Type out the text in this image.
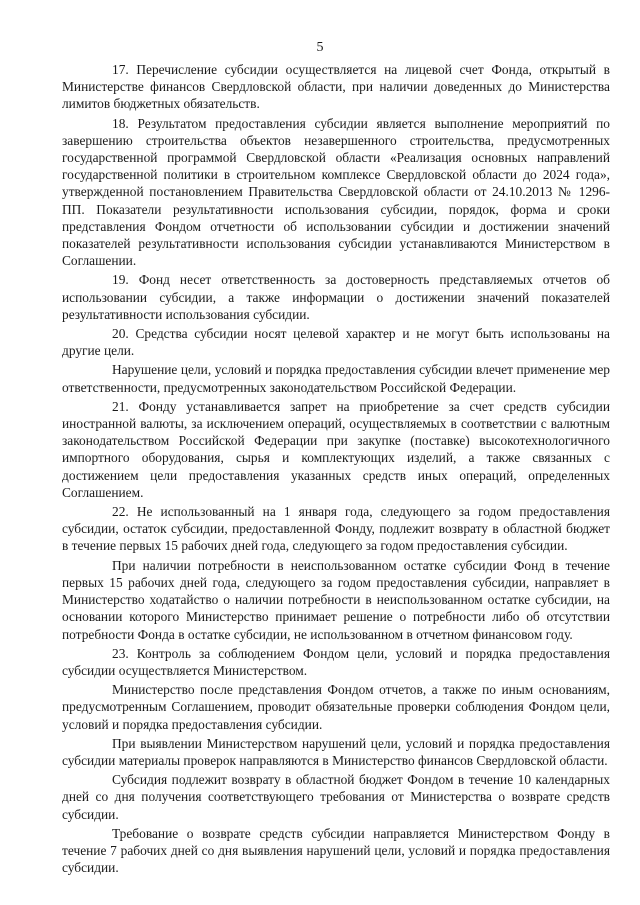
5

17. Перечисление субсидии осуществляется на лицевой счет Фонда, открытый в Министерстве финансов Свердловской области, при наличии доведенных до Министерства лимитов бюджетных обязательств.

18. Результатом предоставления субсидии является выполнение мероприятий по завершению строительства объектов незавершенного строительства, предусмотренных государственной программой Свердловской области «Реализация основных направлений государственной политики в строительном комплексе Свердловской области до 2024 года», утвержденной постановлением Правительства Свердловской области от 24.10.2013 № 1296-ПП. Показатели результативности использования субсидии, порядок, форма и сроки представления Фондом отчетности об использовании субсидии и достижении значений показателей результативности использования субсидии устанавливаются Министерством в Соглашении.

19. Фонд несет ответственность за достоверность представляемых отчетов об использовании субсидии, а также информации о достижении значений показателей результативности использования субсидии.

20. Средства субсидии носят целевой характер и не могут быть использованы на другие цели.

Нарушение цели, условий и порядка предоставления субсидии влечет применение мер ответственности, предусмотренных законодательством Российской Федерации.

21. Фонду устанавливается запрет на приобретение за счет средств субсидии иностранной валюты, за исключением операций, осуществляемых в соответствии с валютным законодательством Российской Федерации при закупке (поставке) высокотехнологичного импортного оборудования, сырья и комплектующих изделий, а также связанных с достижением цели предоставления указанных средств иных операций, определенных Соглашением.

22. Не использованный на 1 января года, следующего за годом предоставления субсидии, остаток субсидии, предоставленной Фонду, подлежит возврату в областной бюджет в течение первых 15 рабочих дней года, следующего за годом предоставления субсидии.

При наличии потребности в неиспользованном остатке субсидии Фонд в течение первых 15 рабочих дней года, следующего за годом предоставления субсидии, направляет в Министерство ходатайство о наличии потребности в неиспользованном остатке субсидии, на основании которого Министерство принимает решение о потребности либо об отсутствии потребности Фонда в остатке субсидии, не использованном в отчетном финансовом году.

23. Контроль за соблюдением Фондом цели, условий и порядка предоставления субсидии осуществляется Министерством.

Министерство после представления Фондом отчетов, а также по иным основаниям, предусмотренным Соглашением, проводит обязательные проверки соблюдения Фондом цели, условий и порядка предоставления субсидии.

При выявлении Министерством нарушений цели, условий и порядка предоставления субсидии материалы проверок направляются в Министерство финансов Свердловской области.

Субсидия подлежит возврату в областной бюджет Фондом в течение 10 календарных дней со дня получения соответствующего требования от Министерства о возврате средств субсидии.

Требование о возврате средств субсидии направляется Министерством Фонду в течение 7 рабочих дней со дня выявления нарушений цели, условий и порядка предоставления субсидии.
